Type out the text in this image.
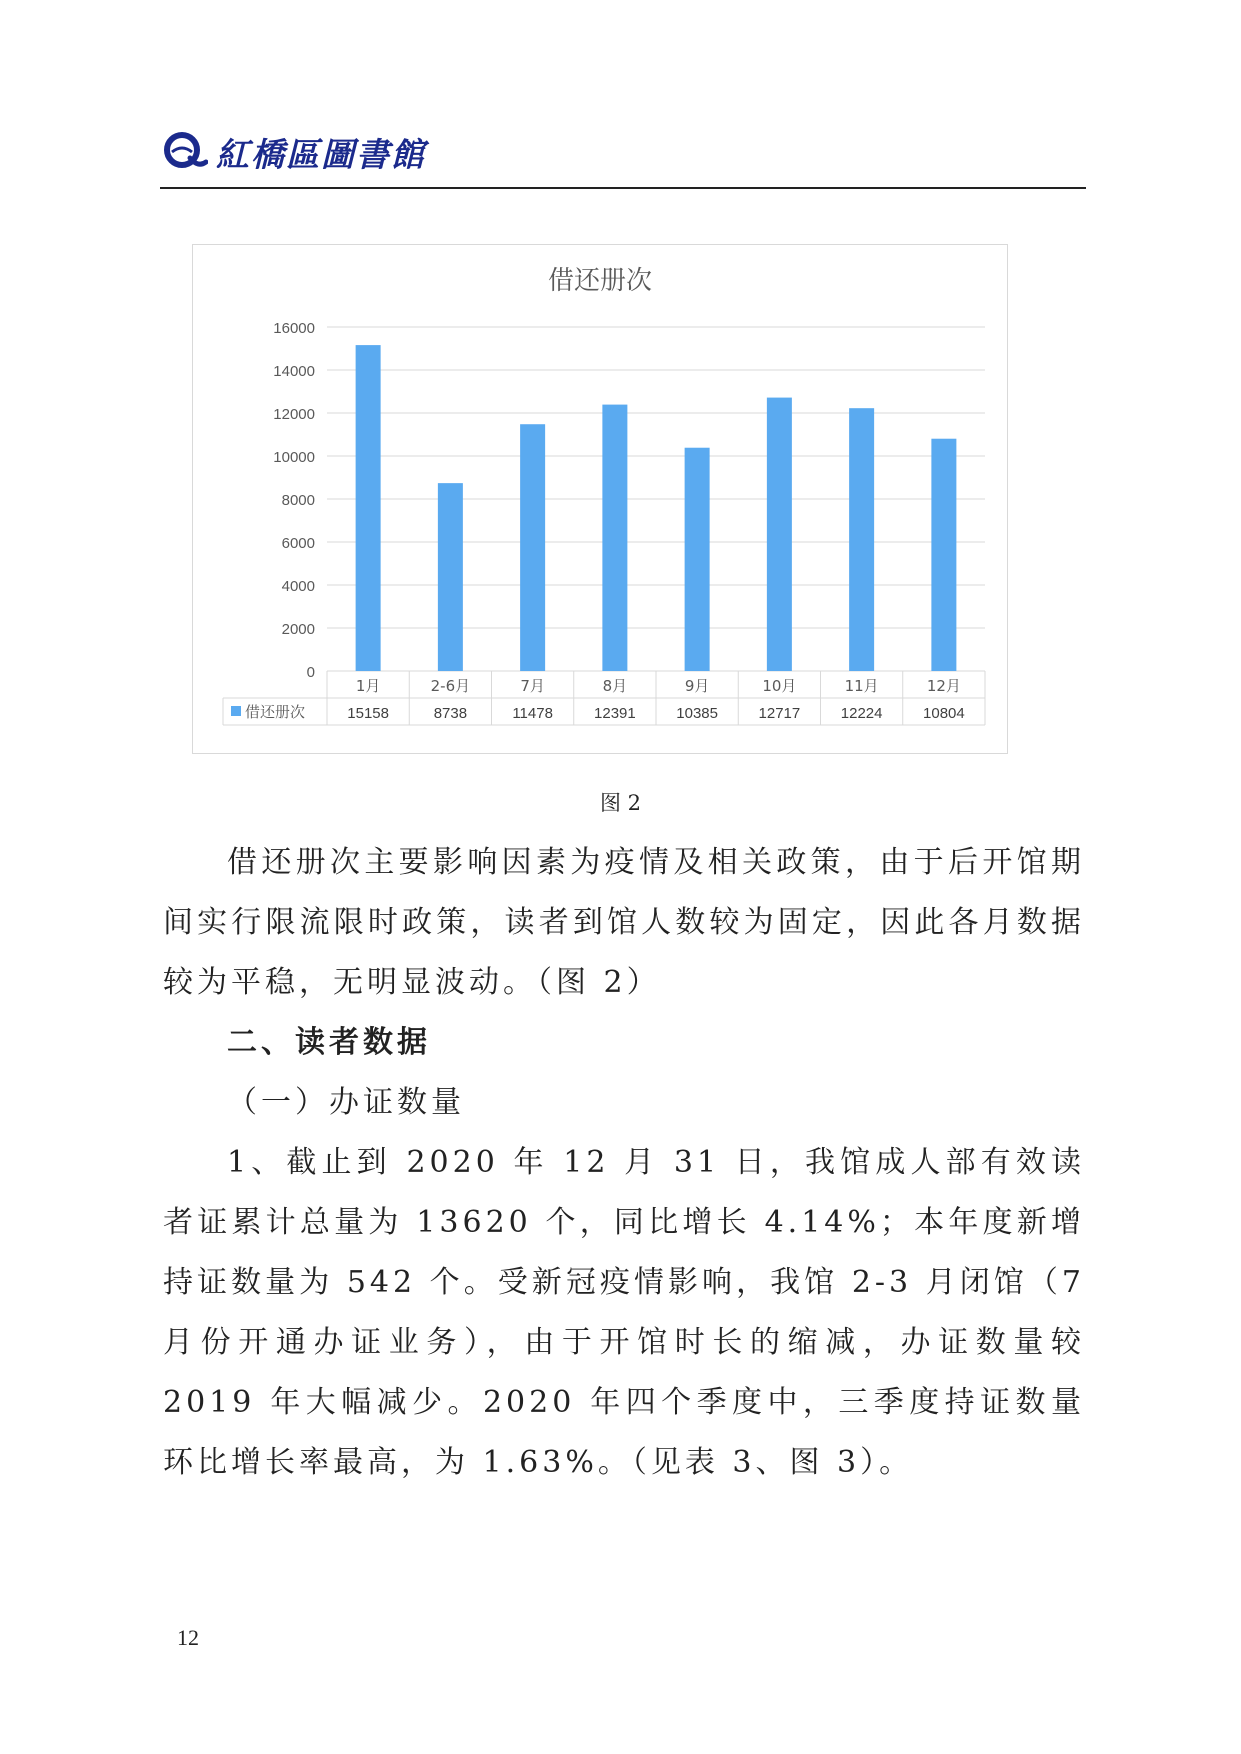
紅橋區圖書館
借还册次
0
2000
4000
6000
8000
10000
12000
14000
16000
1月
15158
2-6月
8738
7月
11478
8月
12391
9月
10385
10月
12717
11月
12224
12月
10804
借还册次
图 2

借还册次主要影响因素为疫情及相关政策，由于后开馆期间实行限流限时政策，读者到馆人数较为固定，因此各月数据较为平稳，无明显波动。（图 2）

二、读者数据

（一）办证数量

1、截止到 2020 年 12 月 31 日，我馆成人部有效读者证累计总量为 13620 个，同比增长 4.14%；本年度新增持证数量为 542 个。受新冠疫情影响，我馆 2-3 月闭馆（7 月份开通办证业务），由于开馆时长的缩减，办证数量较 2019 年大幅减少。2020 年四个季度中，三季度持证数量环比增长率最高，为 1.63%。（见表 3、图 3）。

12
